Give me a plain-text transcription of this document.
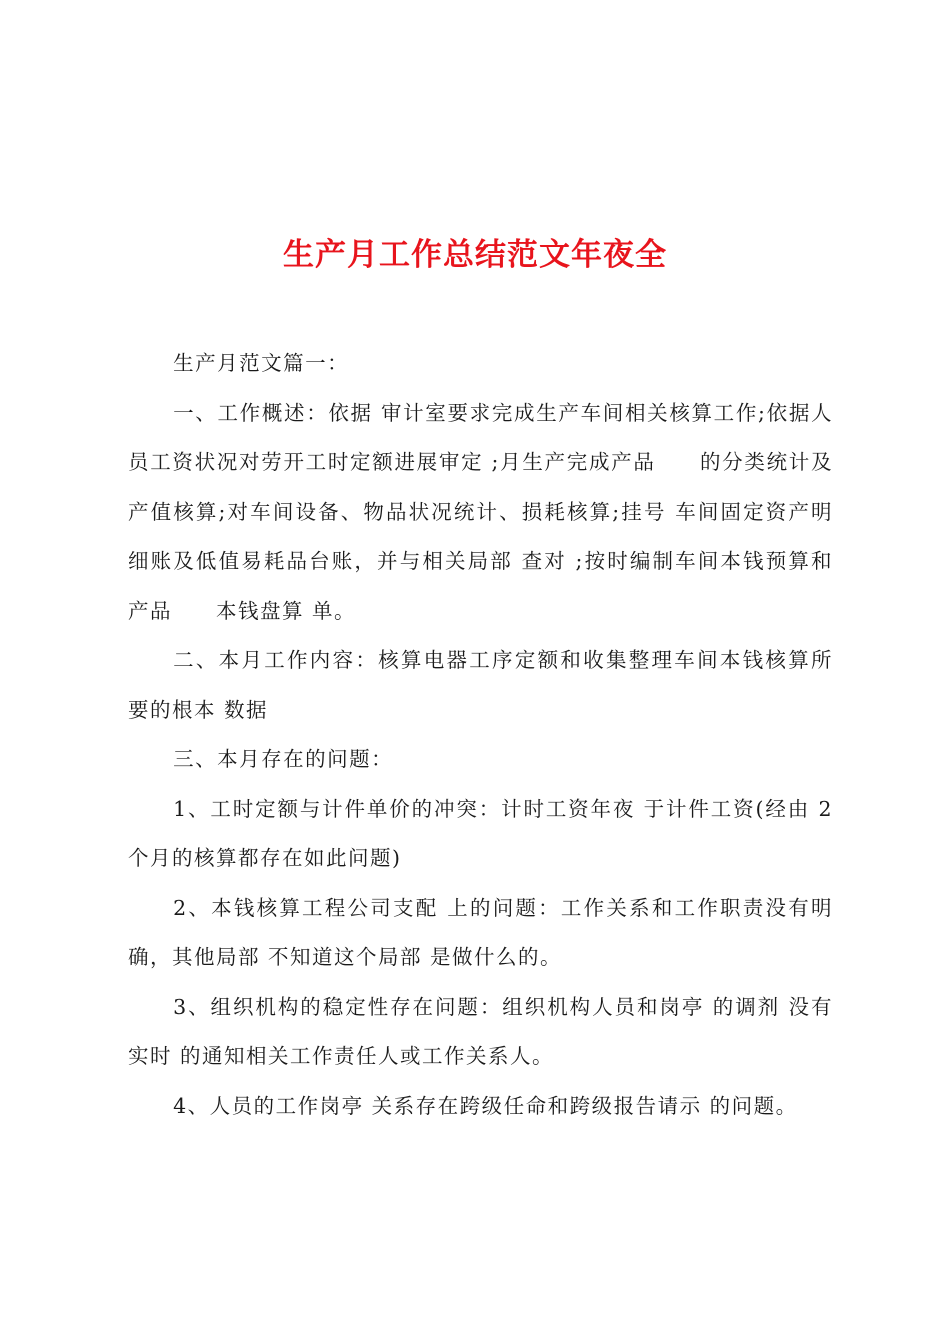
生产月工作总结范文年夜全

生产月范文篇一：

一、工作概述：依据 审计室要求完成生产车间相关核算工作;依据人员工资状况对劳开工时定额进展审定 ;月生产完成产品　　的分类统计及产值核算;对车间设备、物品状况统计、损耗核算;挂号 车间固定资产明细账及低值易耗品台账，并与相关局部 查对 ;按时编制车间本钱预算和产品　　本钱盘算 单。

二、本月工作内容：核算电器工序定额和收集整理车间本钱核算所要的根本 数据

三、本月存在的问题：

1、工时定额与计件单价的冲突：计时工资年夜 于计件工资(经由 2 个月的核算都存在如此问题)

2、本钱核算工程公司支配 上的问题：工作关系和工作职责没有明确，其他局部 不知道这个局部 是做什么的。

3、组织机构的稳定性存在问题：组织机构人员和岗亭 的调剂 没有实时 的通知相关工作责任人或工作关系人。

4、人员的工作岗亭 关系存在跨级任命和跨级报告请示 的问题。
